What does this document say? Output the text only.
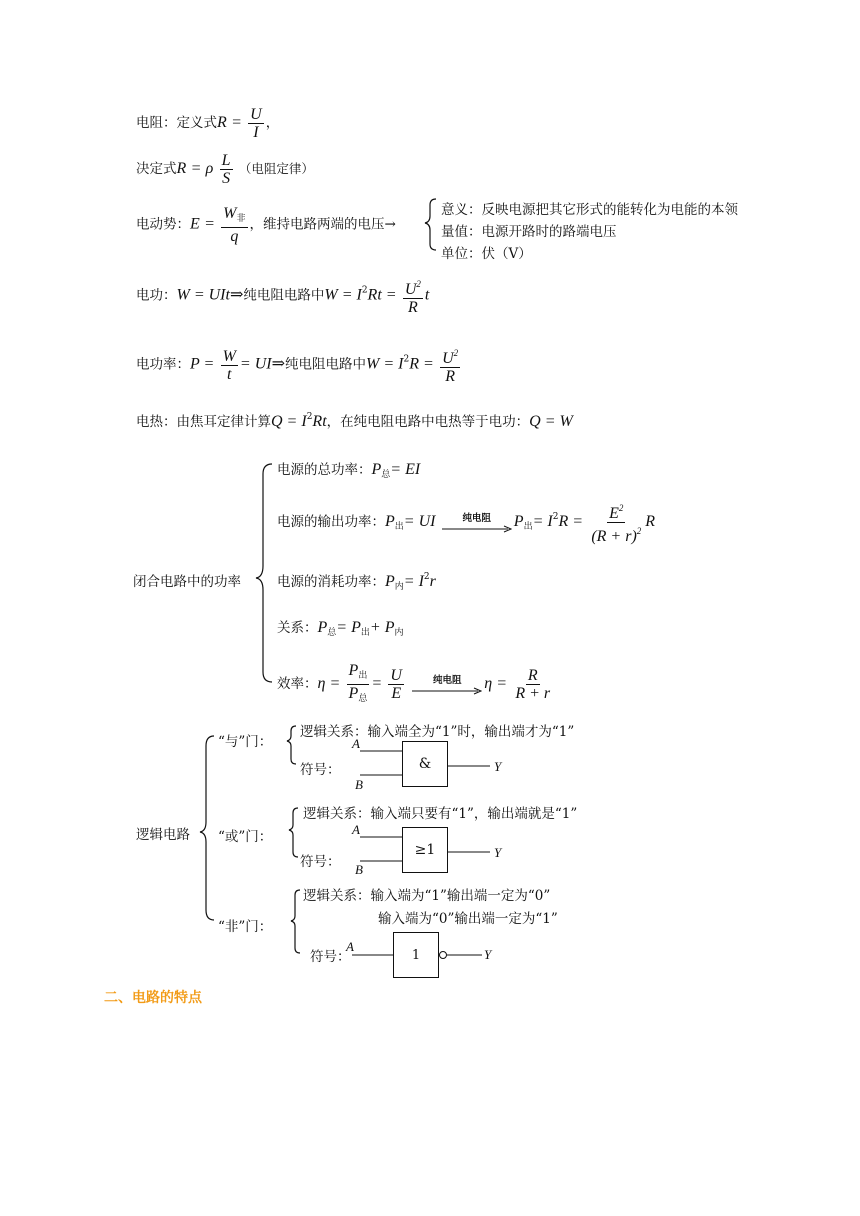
电阻：定义式$R = \frac{U}{I}$ ，
决定式R = ρ $\frac{L}{S}$ （电阻定律）
电动势：$E = \frac{W_非}{q}$ ，维持电路两端的电压→
意义：反映电源把其它形式的能转化为电能的本领
量值：电源开路时的路端电压
单位：伏（V）
电功：W = UIt⇒纯电阻电路中$W = I^2Rt = \frac{U^2}{R}$ t
电功率：$P = \frac{W}{t}$ = UI⇒纯电阻电路中$W = I^2R = \frac{U^2}{R}$
电热：由焦耳定律计算$Q = I^2Rt$，在纯电阻电路中电热等于电功：Q = W
闭合电路中的功率
电源的总功率：$P_总=$ EI
电源的输出功率：$P_出=$ UI	纯电阻	$P_出= I^2R = \frac{E^2}{(R + r)^2}$ R
电源的消耗功率：$P_内= I^2r$
关系：$P_总= P_出+ P_内$
效率：$\eta = \frac{P_出}{P_总} = \frac{U}{E}$
	纯电阻	$\eta = \frac{R}{R + r}$
逻辑电路
“与”门：
逻辑关系：输入端全为“1”时，输出端才为“1”
符号：
“或”门：
逻辑关系：输入端只要有“1”，输出端就是“1”
符号：
“非”门：
逻辑关系：输入端为“1”输出端一定为“0”
输入端为“0”输出端一定为“1”
符号：
&
≥1
1
A
B
Y
A
B
Y
A
Y
二、电路的特点
